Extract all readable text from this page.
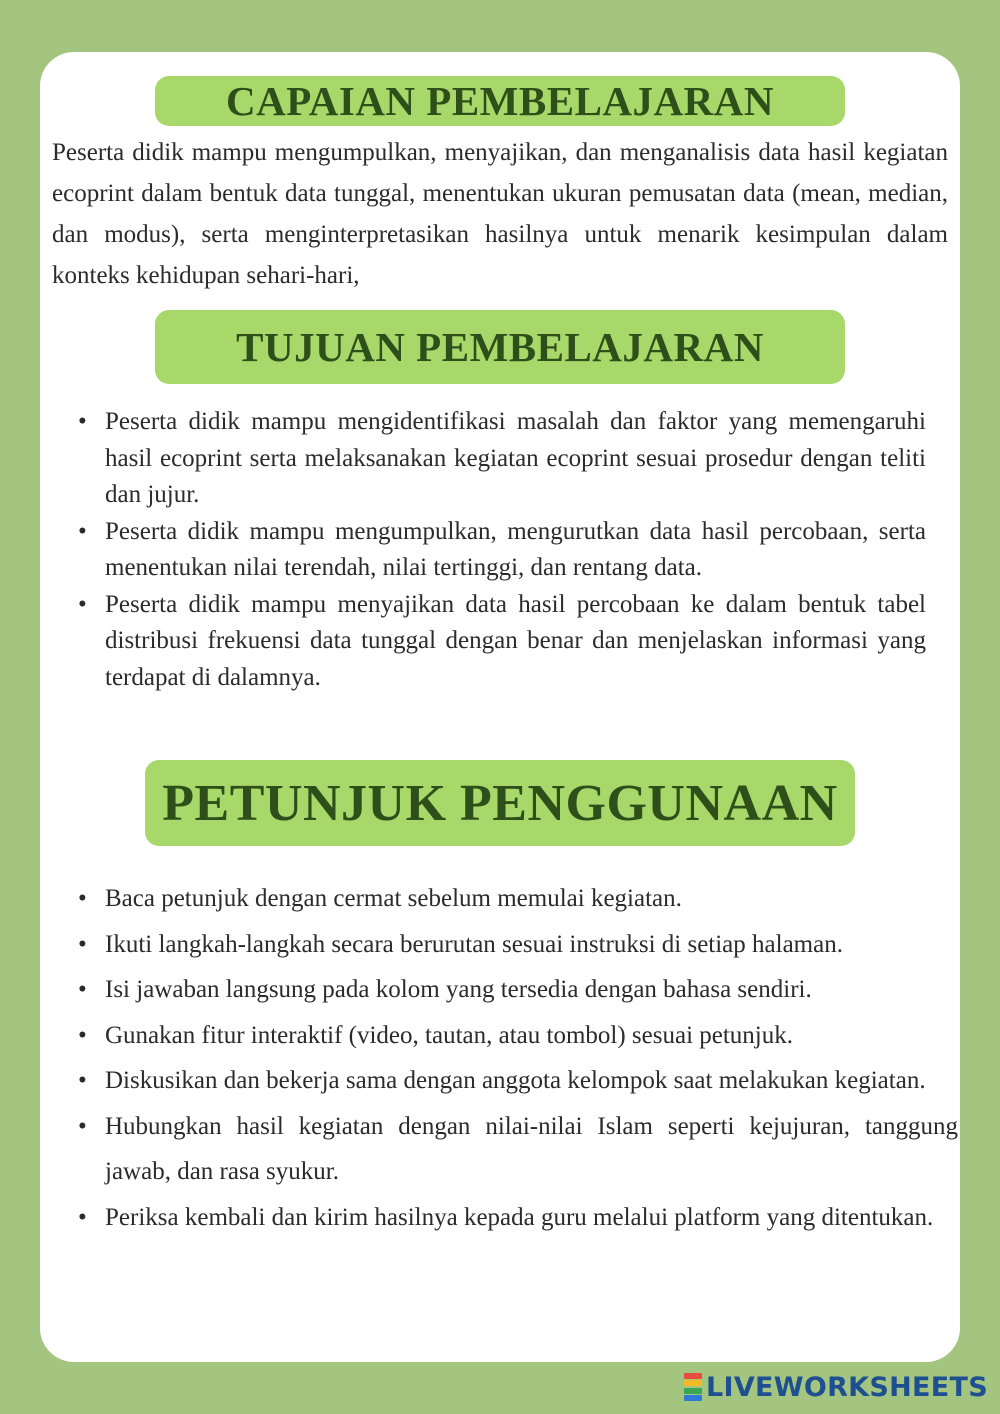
CAPAIAN PEMBELAJARAN

Peserta didik mampu mengumpulkan, menyajikan, dan menganalisis data hasil kegiatan ecoprint dalam bentuk data tunggal, menentukan ukuran pemusatan data (mean, median, dan modus), serta menginterpretasikan hasilnya untuk menarik kesimpulan dalam konteks kehidupan sehari-hari,

TUJUAN PEMBELAJARAN
• Peserta didik mampu mengidentifikasi masalah dan faktor yang memengaruhi hasil ecoprint serta melaksanakan kegiatan ecoprint sesuai prosedur dengan teliti dan jujur.
• Peserta didik mampu mengumpulkan, mengurutkan data hasil percobaan, serta menentukan nilai terendah, nilai tertinggi, dan rentang data.
• Peserta didik mampu menyajikan data hasil percobaan ke dalam bentuk tabel distribusi frekuensi data tunggal dengan benar dan menjelaskan informasi yang terdapat di dalamnya.
PETUNJUK PENGGUNAAN
• Baca petunjuk dengan cermat sebelum memulai kegiatan.
• Ikuti langkah-langkah secara berurutan sesuai instruksi di setiap halaman.
• Isi jawaban langsung pada kolom yang tersedia dengan bahasa sendiri.
• Gunakan fitur interaktif (video, tautan, atau tombol) sesuai petunjuk.
• Diskusikan dan bekerja sama dengan anggota kelompok saat melakukan kegiatan.
• Hubungkan hasil kegiatan dengan nilai-nilai Islam seperti kejujuran, tanggung jawab, dan rasa syukur.
• Periksa kembali dan kirim hasilnya kepada guru melalui platform yang ditentukan.
LIVEWORKSHEETS
